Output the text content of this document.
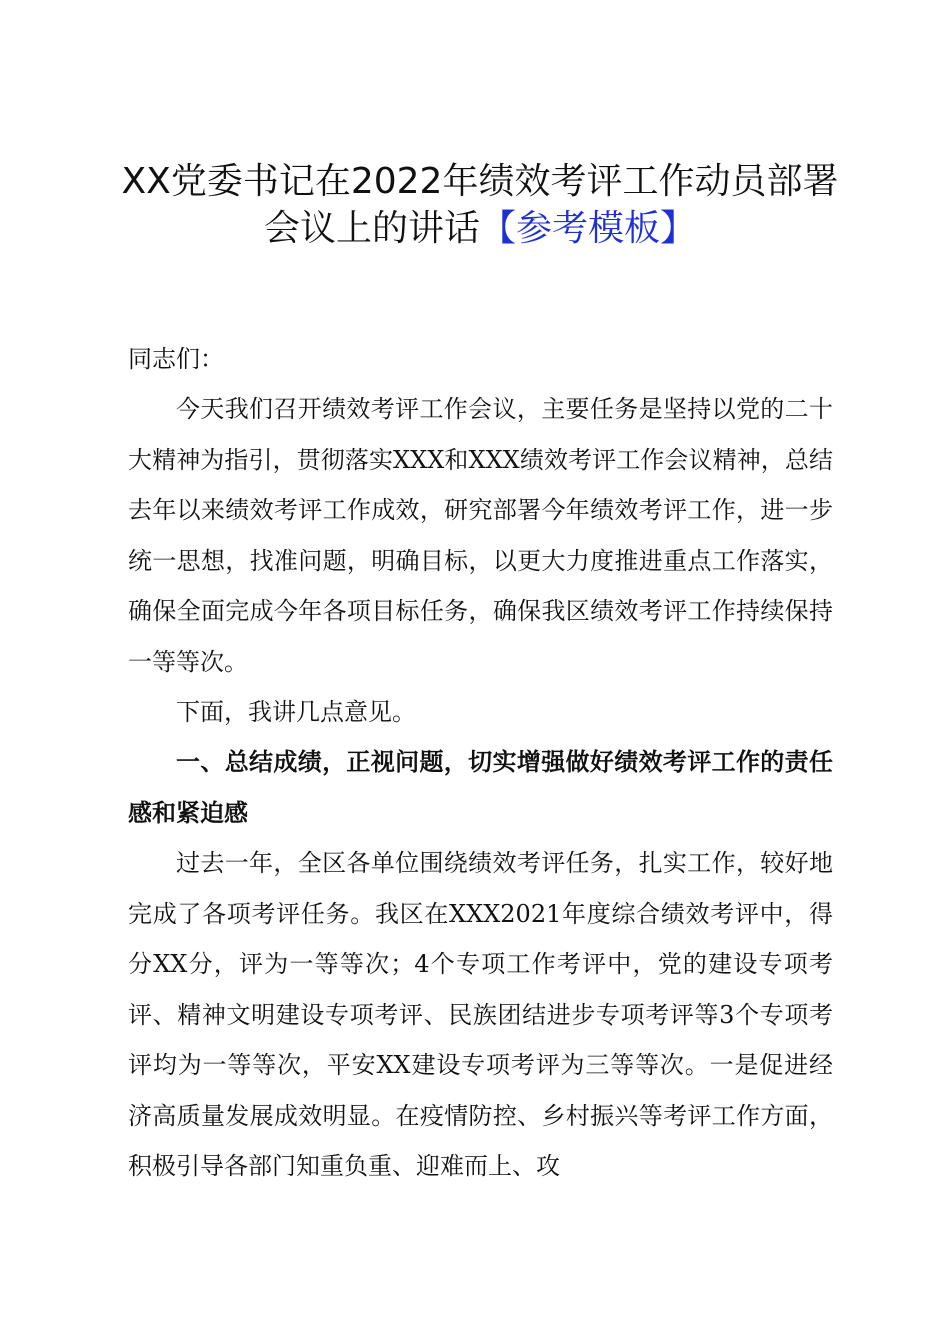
XX党委书记在2022年绩效考评工作动员部署
会议上的讲话【参考模板】
同志们：
今天我们召开绩效考评工作会议，主要任务是坚持以党的二十大精神为指引，贯彻落实XXX和XXX绩效考评工作会议精神，总结去年以来绩效考评工作成效，研究部署今年绩效考评工作，进一步统一思想，找准问题，明确目标，以更大力度推进重点工作落实，确保全面完成今年各项目标任务，确保我区绩效考评工作持续保持一等等次。
下面，我讲几点意见。
一、总结成绩，正视问题，切实增强做好绩效考评工作的责任感和紧迫感
过去一年，全区各单位围绕绩效考评任务，扎实工作，较好地完成了各项考评任务。我区在XXX2021年度综合绩效考评中，得分XX分，评为一等等次；4个专项工作考评中，党的建设专项考评、精神文明建设专项考评、民族团结进步专项考评等3个专项考评均为一等等次，平安XX建设专项考评为三等等次。一是促进经济高质量发展成效明显。在疫情防控、乡村振兴等考评工作方面，积极引导各部门知重负重、迎难而上、攻
